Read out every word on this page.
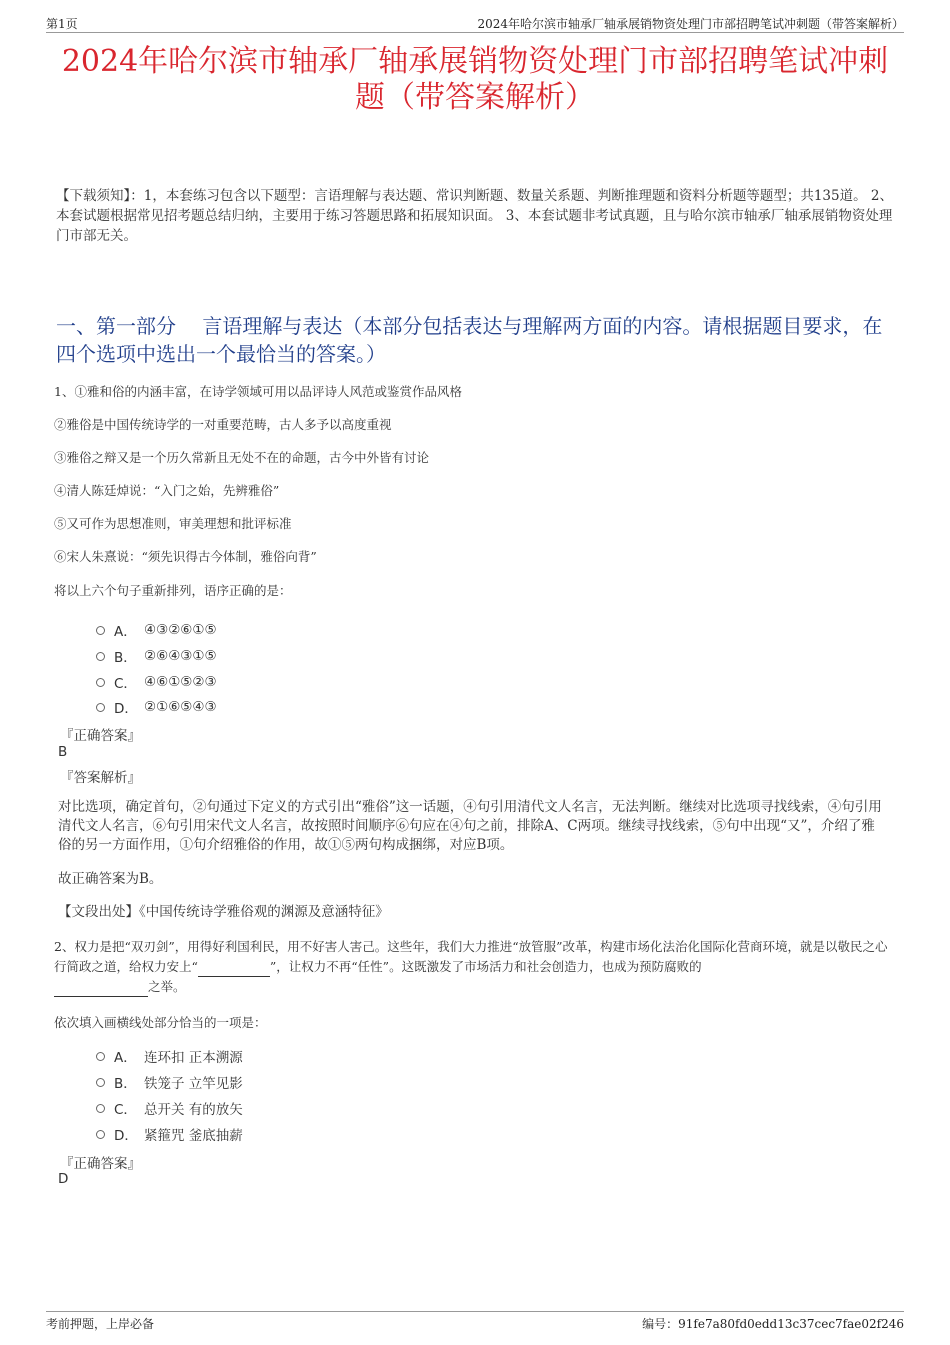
第1页	2024年哈尔滨市轴承厂轴承展销物资处理门市部招聘笔试冲刺题（带答案解析）
2024年哈尔滨市轴承厂轴承展销物资处理门市部招聘笔试冲刺
题（带答案解析）
【下载须知】：1，本套练习包含以下题型：言语理解与表达题、常识判断题、数量关系题、判断推理题和资料分析题等题型；共135道。 2、本套试题根据常见招考题总结归纳，主要用于练习答题思路和拓展知识面。 3、本套试题非考试真题，且与哈尔滨市轴承厂轴承展销物资处理门市部无关。
一、第一部分　 言语理解与表达（本部分包括表达与理解两方面的内容。请根据题目要求，在四个选项中选出一个最恰当的答案。）
1、①雅和俗的内涵丰富，在诗学领域可用以品评诗人风范或鉴赏作品风格
②雅俗是中国传统诗学的一对重要范畴，古人多予以高度重视
③雅俗之辩又是一个历久常新且无处不在的命题，古今中外皆有讨论
④清人陈廷焯说：“入门之始，先辨雅俗”
⑤又可作为思想准则，审美理想和批评标准
⑥宋人朱熹说：“须先识得古今体制，雅俗向背”
将以上六个句子重新排列，语序正确的是：
A． ④③②⑥①⑤
B． ②⑥④③①⑤
C． ④⑥①⑤②③
D． ②①⑥⑤④③
『正确答案』
B
『答案解析』
对比选项，确定首句，②句通过下定义的方式引出“雅俗”这一话题，④句引用清代文人名言，无法判断。继续对比选项寻找线索，④句引用清代文人名言，⑥句引用宋代文人名言，故按照时间顺序⑥句应在④句之前，排除A、C两项。继续寻找线索，⑤句中出现“又”，介绍了雅俗的另一方面作用，①句介绍雅俗的作用，故①⑤两句构成捆绑，对应B项。
故正确答案为B。
【文段出处】《中国传统诗学雅俗观的渊源及意涵特征》
2、权力是把“双刃剑”，用得好利国利民，用不好害人害己。这些年，我们大力推进“放管服”改革，构建市场化法治化国际化营商环境，就是以敬民之心行简政之道，给权力安上“	”，让权力不再“任性”。这既激发了市场活力和社会创造力，也成为预防腐败的
之举。
依次填入画横线处部分恰当的一项是：
A． 连环扣 正本溯源
B． 铁笼子 立竿见影
C． 总开关 有的放矢
D． 紧箍咒 釜底抽薪
『正确答案』
D
考前押题，上岸必备	编号：91fe7a80fd0edd13c37cec7fae02f246
